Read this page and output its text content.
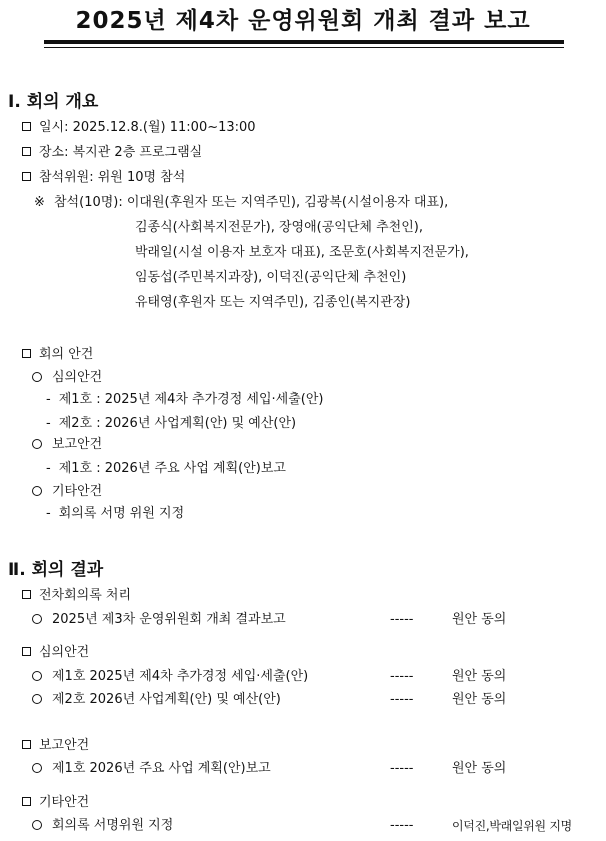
2025년 제4차 운영위원회 개최 결과 보고
Ⅰ. 회의 개요
일시: 2025.12.8.(월) 11:00~13:00
장소: 복지관 2층 프로그램실
참석위원: 위원 10명 참석
※ 참석(10명): 이대원(후원자 또는 지역주민), 김광복(시설이용자 대표),
김종식(사회복지전문가), 장영애(공익단체 추천인),
박래일(시설 이용자 보호자 대표), 조문호(사회복지전문가),
임동섭(주민복지과장), 이덕진(공익단체 추천인)
유태영(후원자 또는 지역주민), 김종인(복지관장)
회의 안건
심의안건
- 제1호 : 2025년 제4차 추가경정 세입·세출(안)
- 제2호 : 2026년 사업계획(안) 및 예산(안)
보고안건
- 제1호 : 2026년 주요 사업 계획(안)보고
기타안건
- 회의록 서명 위원 지정
Ⅱ. 회의 결과
전차회의록 처리
2025년 제3차 운영위원회 개최 결과보고	-----	원안 동의
심의안건
제1호 2025년 제4차 추가경정 세입·세출(안)	-----	원안 동의
제2호 2026년 사업계획(안) 및 예산(안)	-----	원안 동의
보고안건
제1호 2026년 주요 사업 계획(안)보고	-----	원안 동의
기타안건
회의록 서명위원 지정	-----	이덕진,박래일위원 지명
